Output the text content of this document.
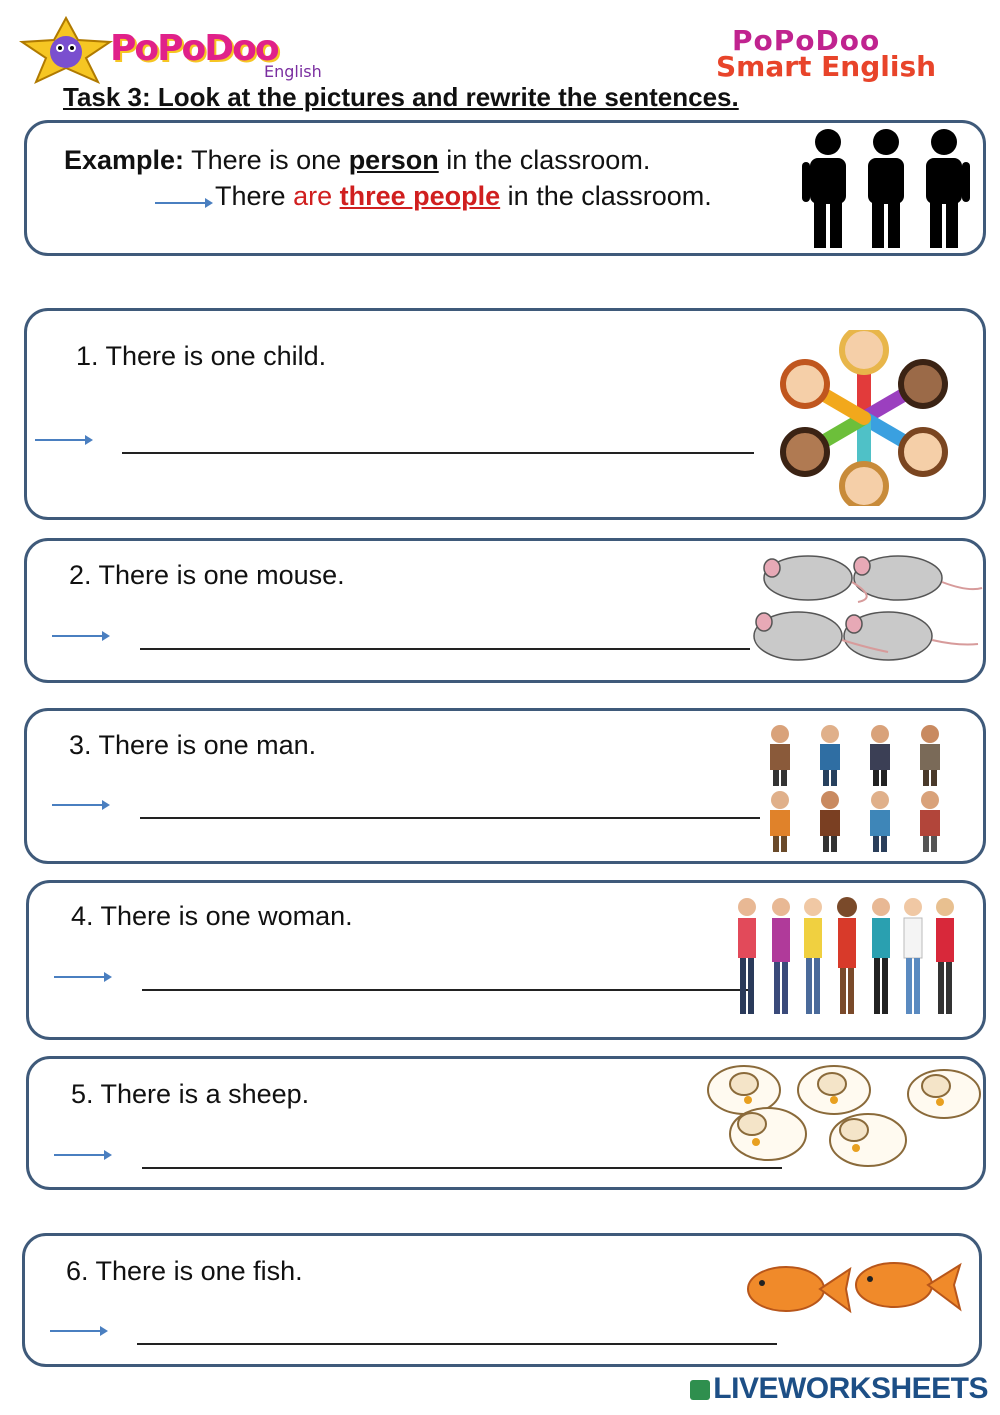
PoPoDoo
English
PoPoDoo
Smart English
Task 3: Look at the pictures and rewrite the sentences.
Example: There is one person in the classroom.
There are three people in the classroom.
1. There is one child.
2. There is one mouse.
3. There is one man.
4. There is one woman.
5. There is a sheep.
6. There is one fish.
LIVEWORKSHEETS
